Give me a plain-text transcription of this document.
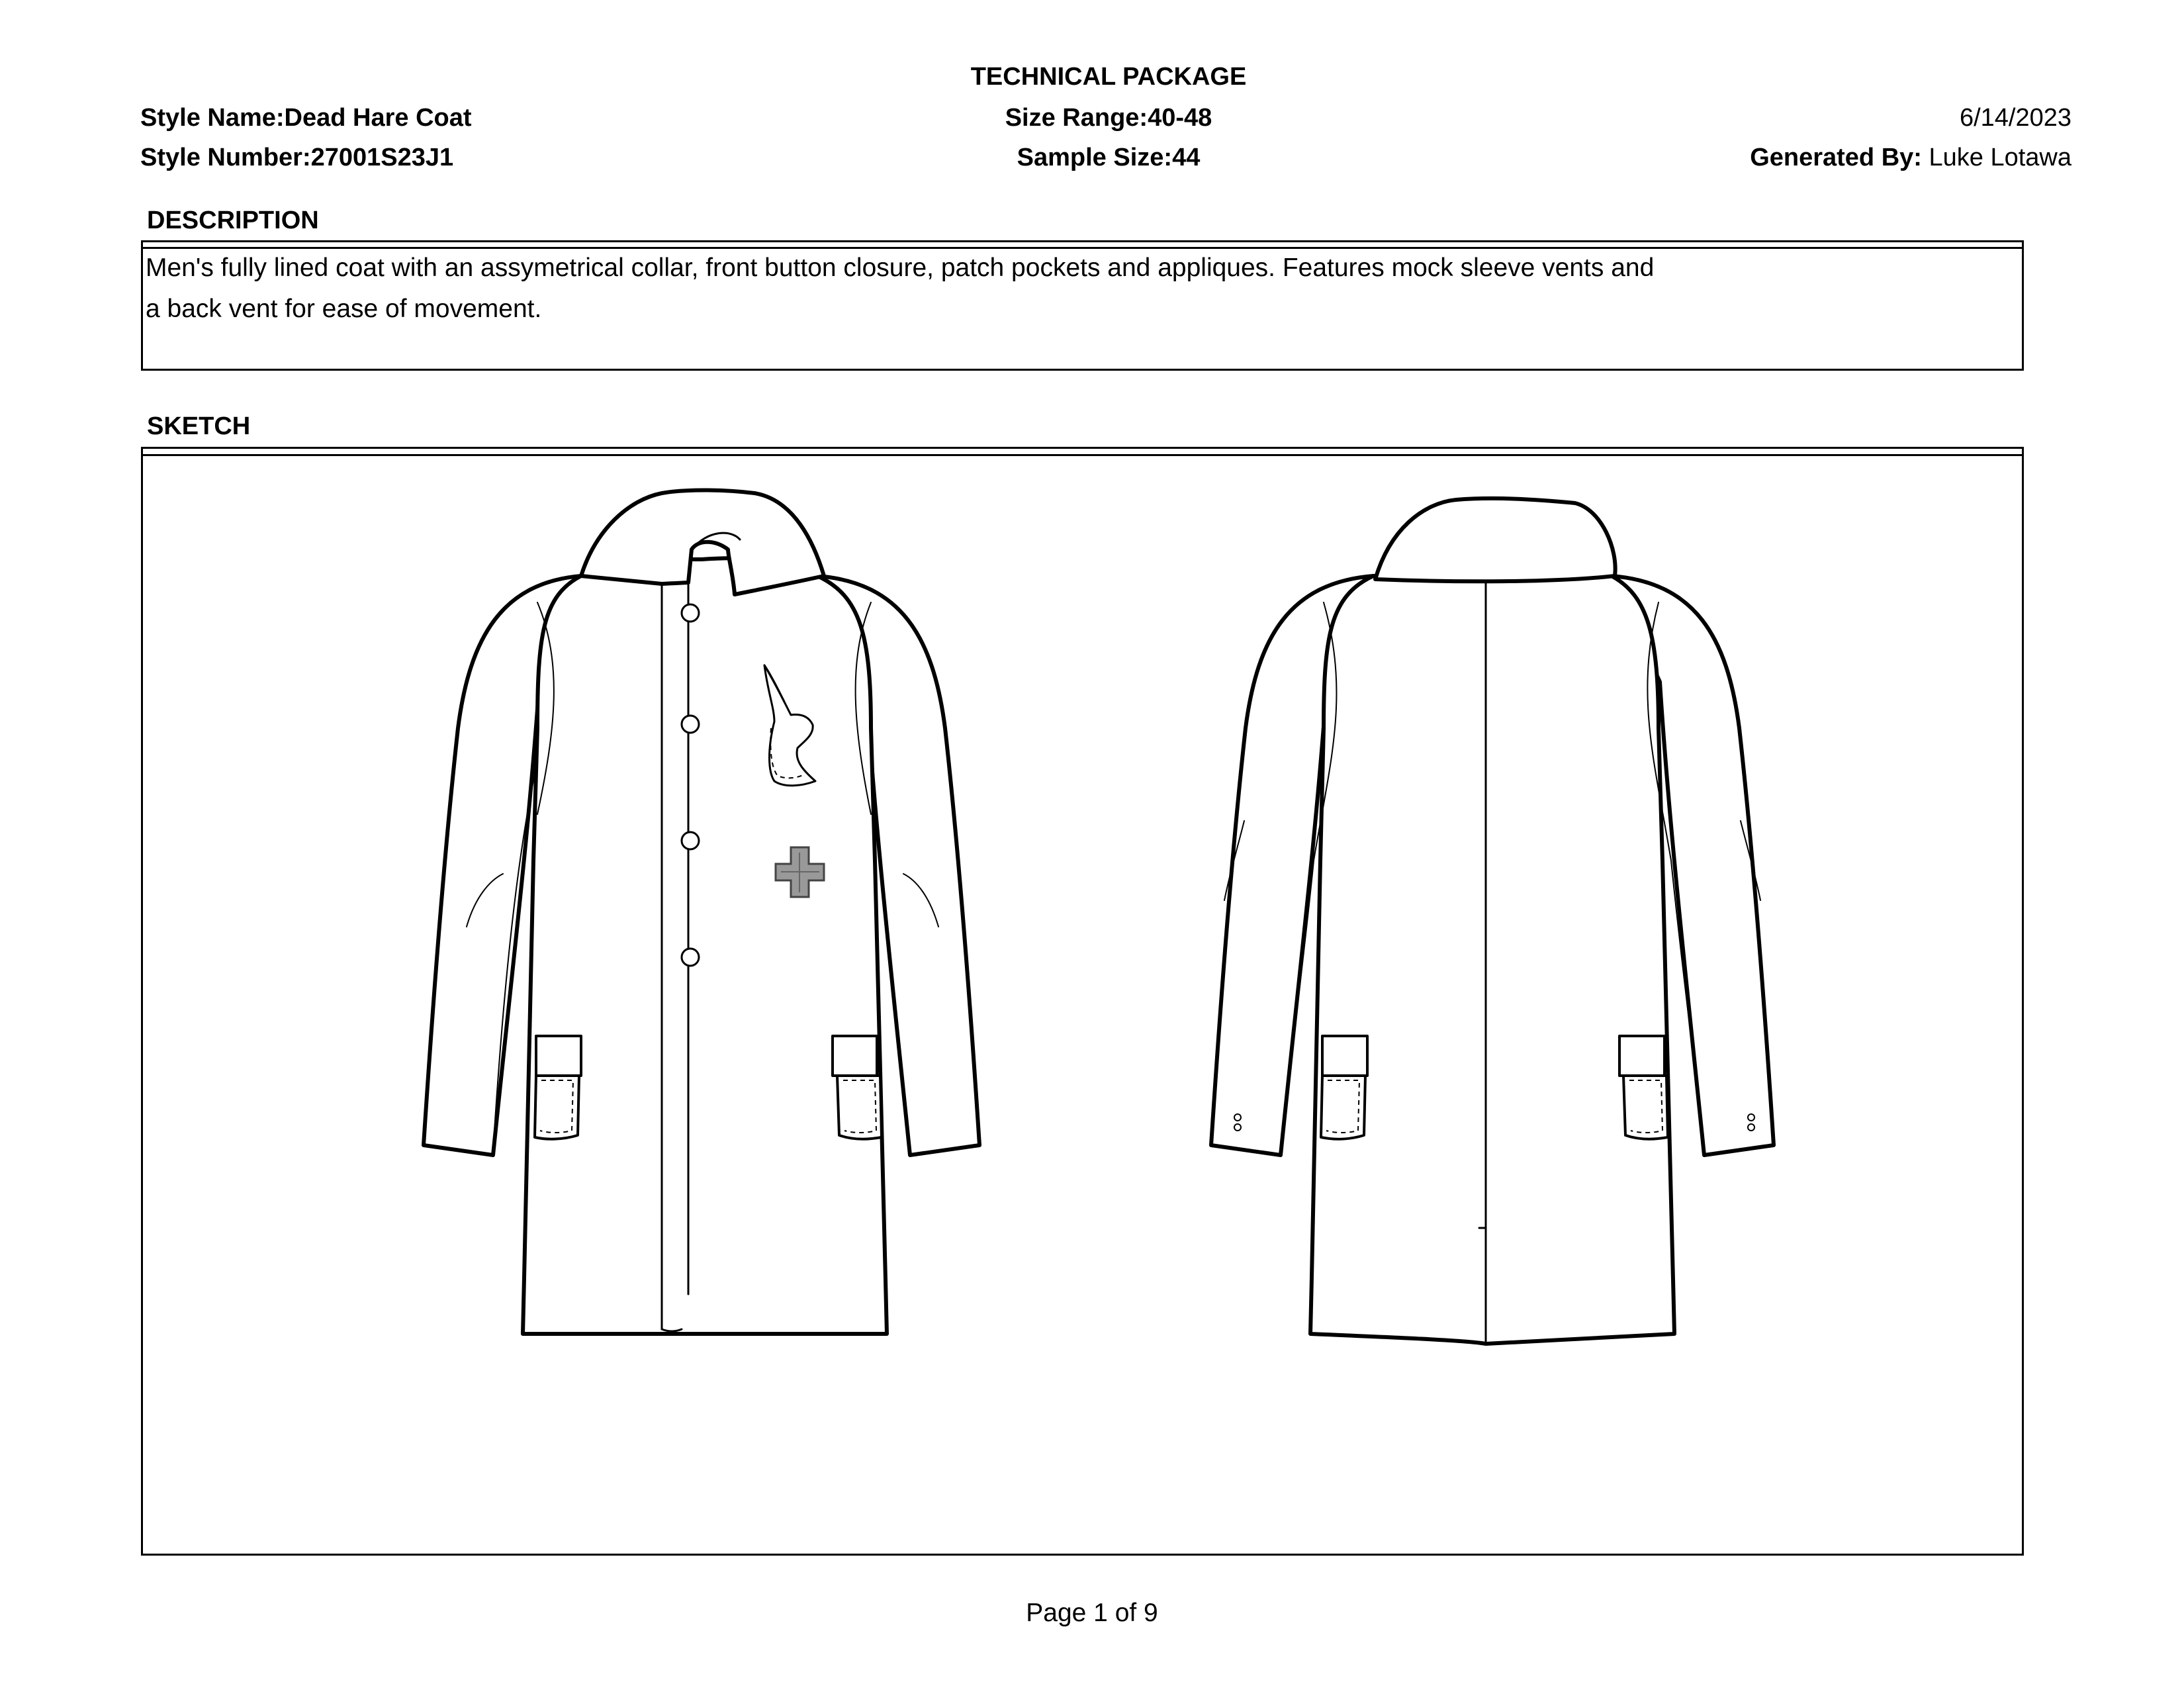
TECHNICAL PACKAGE
Style Name:Dead Hare Coat
Style Number:27001S23J1
Size Range:40-48
Sample Size:44
6/14/2023
Generated By: Luke Lotawa
DESCRIPTION
Men's fully lined coat with an assymetrical collar, front button closure, patch pockets and appliques. Features mock sleeve vents and
a back vent for ease of movement.
SKETCH
Page 1 of 9
